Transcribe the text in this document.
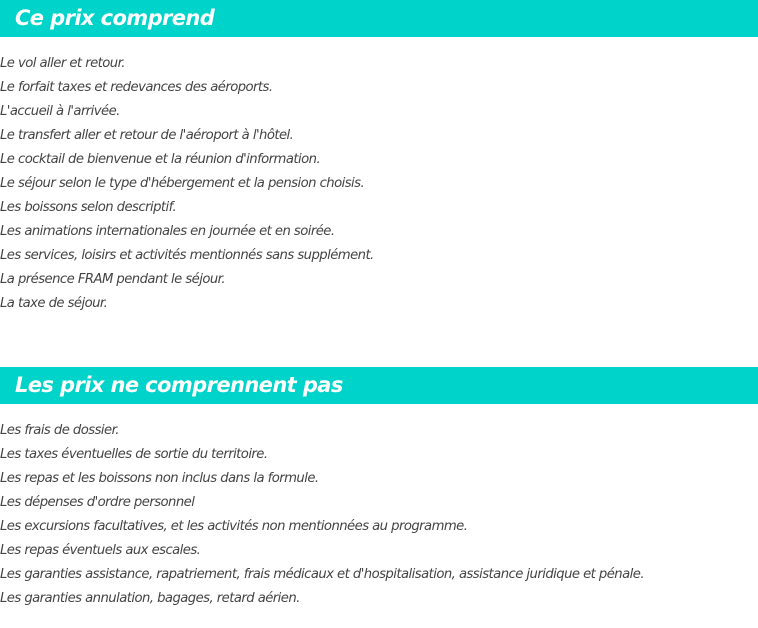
Ce prix comprend
Le vol aller et retour.
Le forfait taxes et redevances des aéroports.
L'accueil à l'arrivée.
Le transfert aller et retour de l'aéroport à l'hôtel.
Le cocktail de bienvenue et la réunion d'information.
Le séjour selon le type d'hébergement et la pension choisis.
Les boissons selon descriptif.
Les animations internationales en journée et en soirée.
Les services, loisirs et activités mentionnés sans supplément.
La présence FRAM pendant le séjour.
La taxe de séjour.
Les prix ne comprennent pas
Les frais de dossier.
Les taxes éventuelles de sortie du territoire.
Les repas et les boissons non inclus dans la formule.
Les dépenses d'ordre personnel
Les excursions facultatives, et les activités non mentionnées au programme.
Les repas éventuels aux escales.
Les garanties assistance, rapatriement, frais médicaux et d'hospitalisation, assistance juridique et pénale.
Les garanties annulation, bagages, retard aérien.
